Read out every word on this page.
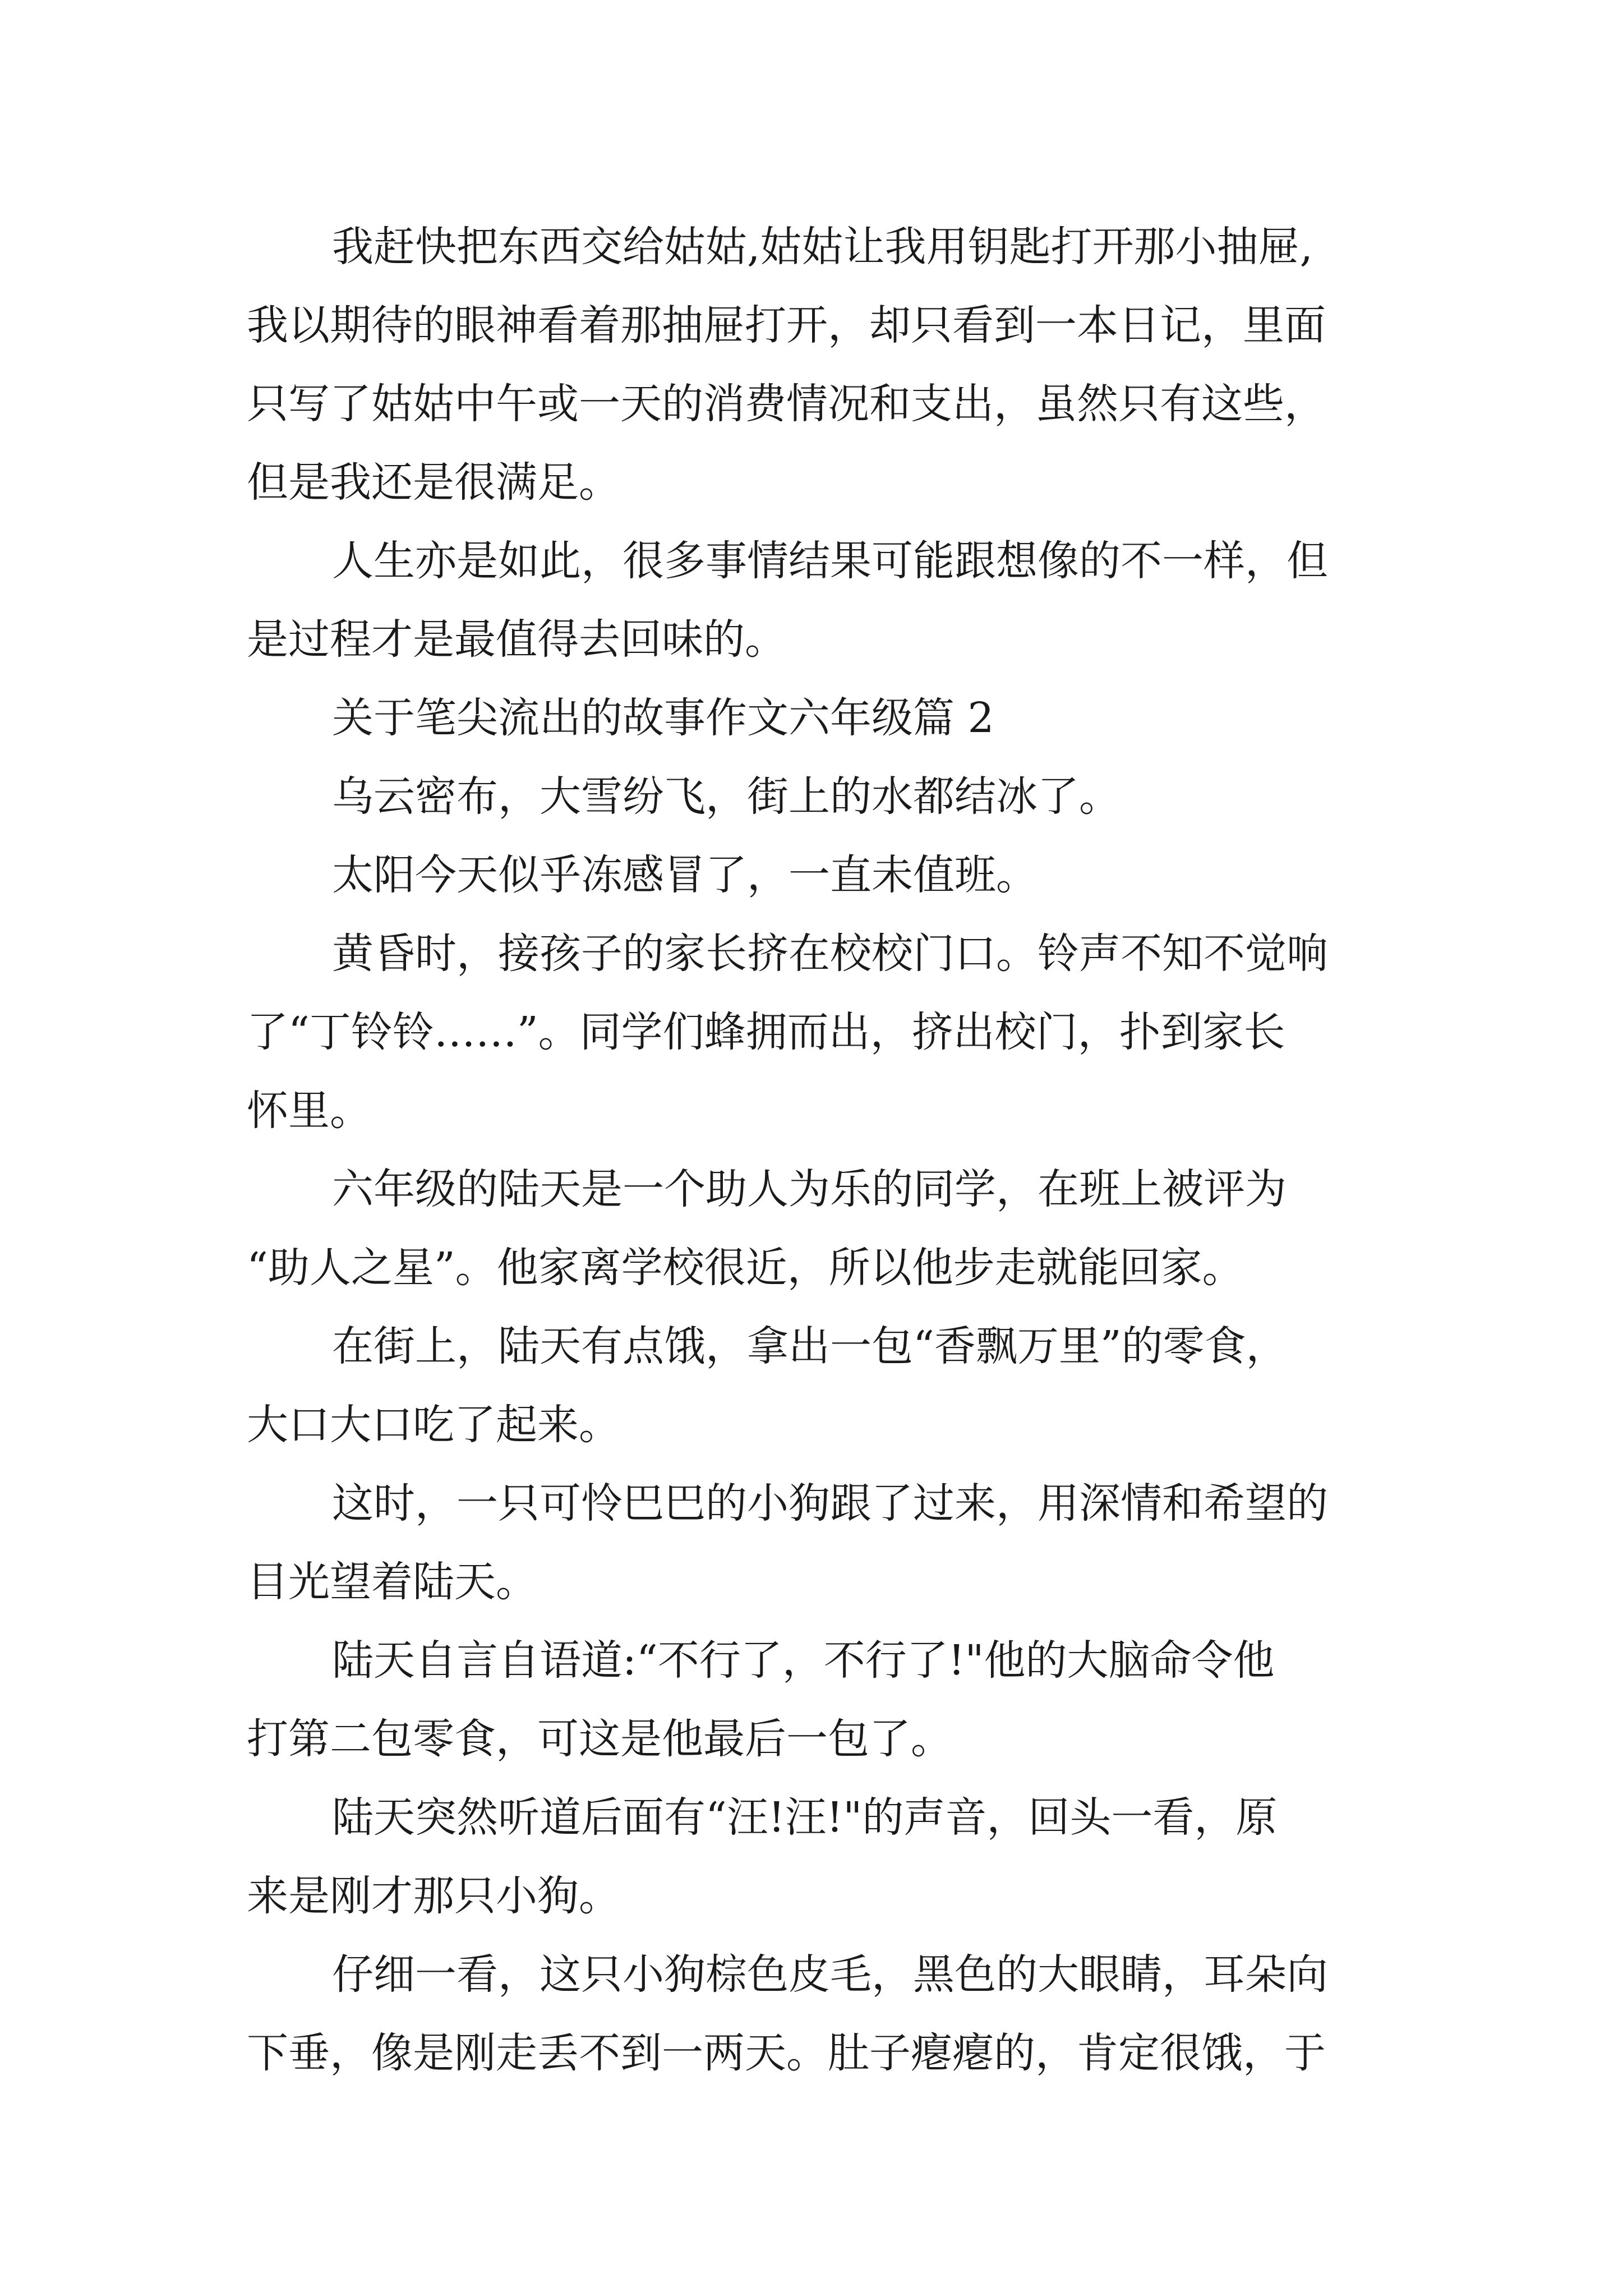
我赶快把东西交给姑姑,姑姑让我用钥匙打开那小抽屉,
我以期待的眼神看着那抽屉打开，却只看到一本日记，里面
只写了姑姑中午或一天的消费情况和支出，虽然只有这些，
但是我还是很满足。
人生亦是如此，很多事情结果可能跟想像的不一样，但
是过程才是最值得去回味的。
关于笔尖流出的故事作文六年级篇 2
乌云密布，大雪纷飞，街上的水都结冰了。
太阳今天似乎冻感冒了，一直未值班。
黄昏时，接孩子的家长挤在校校门口。铃声不知不觉响
了“丁铃铃……”。同学们蜂拥而出，挤出校门，扑到家长
怀里。
六年级的陆天是一个助人为乐的同学，在班上被评为
“助人之星”。他家离学校很近，所以他步走就能回家。
在街上，陆天有点饿，拿出一包“香飘万里”的零食，
大口大口吃了起来。
这时，一只可怜巴巴的小狗跟了过来，用深情和希望的
目光望着陆天。
陆天自言自语道:“不行了，不行了!"他的大脑命令他
打第二包零食，可这是他最后一包了。
陆天突然听道后面有“汪!汪!"的声音，回头一看，原
来是刚才那只小狗。
仔细一看，这只小狗棕色皮毛，黑色的大眼睛，耳朵向
下垂，像是刚走丢不到一两天。肚子瘪瘪的，肯定很饿，于
